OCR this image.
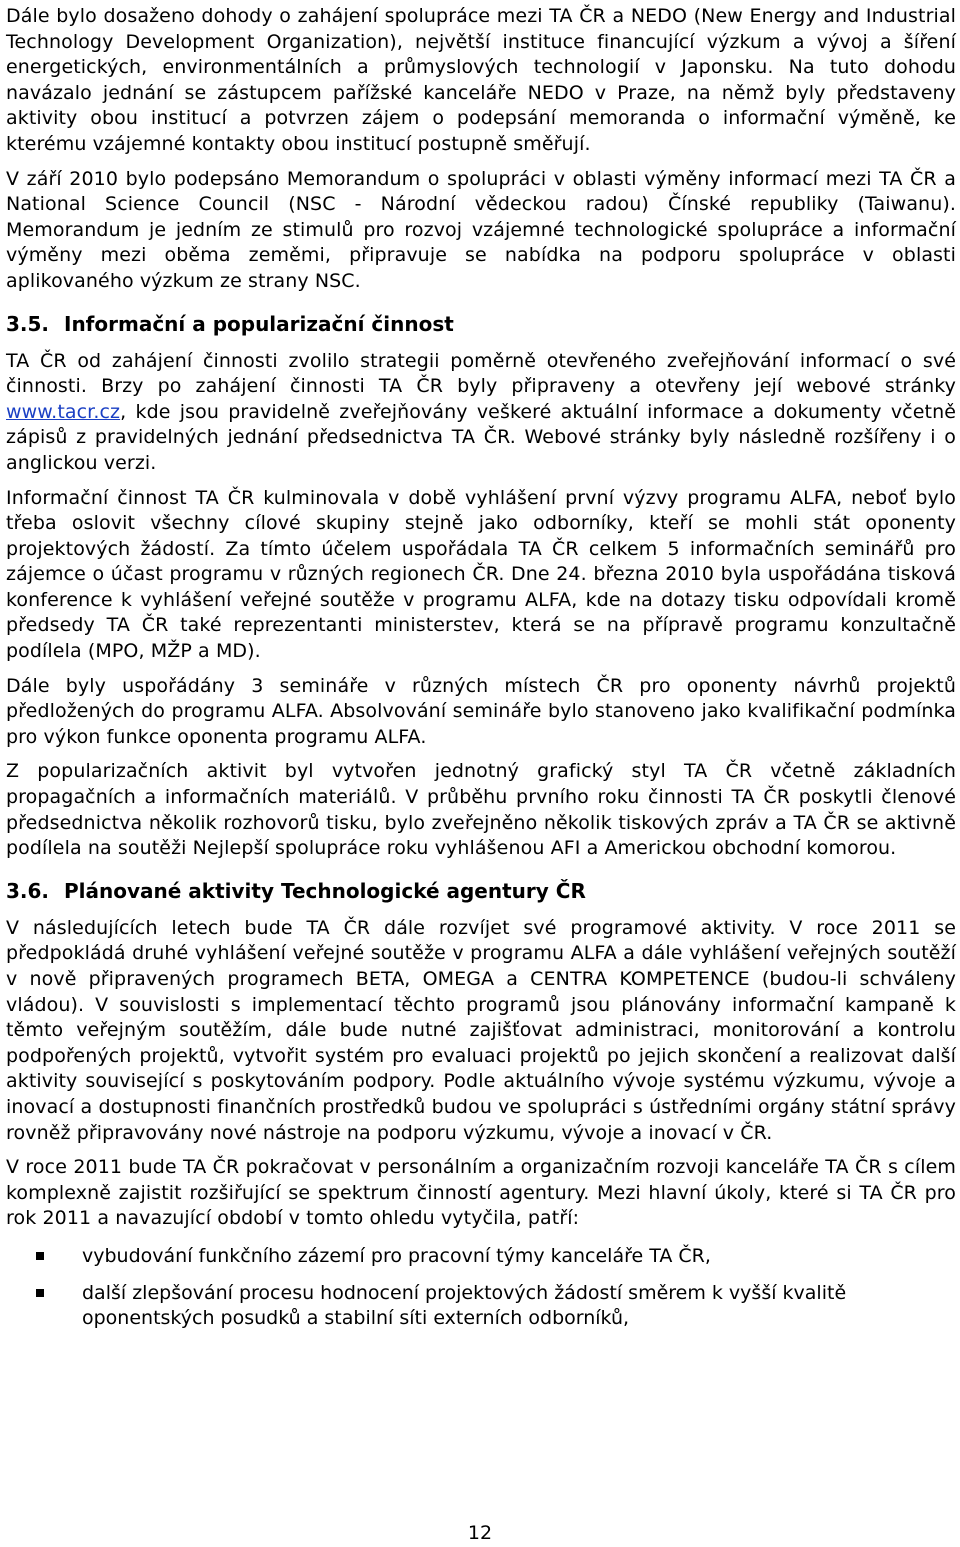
Dále bylo dosaženo dohody o zahájení spolupráce mezi TA ČR a NEDO (New Energy and Industrial Technology Development Organization), největší instituce financující výzkum a vývoj a šíření energetických, environmentálních a průmyslových technologií v Japonsku. Na tuto dohodu navázalo jednání se zástupcem pařížské kanceláře NEDO v Praze, na němž byly představeny aktivity obou institucí a potvrzen zájem o podepsání memoranda o informační výměně, ke kterému vzájemné kontakty obou institucí postupně směřují.

V září 2010 bylo podepsáno Memorandum o spolupráci v oblasti výměny informací mezi TA ČR a National Science Council (NSC - Národní vědeckou radou) Čínské republiky (Taiwanu). Memorandum je jedním ze stimulů pro rozvoj vzájemné technologické spolupráce a informační výměny mezi oběma zeměmi, připravuje se nabídka na podporu spolupráce v oblasti aplikovaného výzkum ze strany NSC.

3.5. Informační a popularizační činnost

TA ČR od zahájení činnosti zvolilo strategii poměrně otevřeného zveřejňování informací o své činnosti. Brzy po zahájení činnosti TA ČR byly připraveny a otevřeny její webové stránky www.tacr.cz, kde jsou pravidelně zveřejňovány veškeré aktuální informace a dokumenty včetně zápisů z pravidelných jednání předsednictva TA ČR. Webové stránky byly následně rozšířeny i o anglickou verzi.

Informační činnost TA ČR kulminovala v době vyhlášení první výzvy programu ALFA, neboť bylo třeba oslovit všechny cílové skupiny stejně jako odborníky, kteří se mohli stát oponenty projektových žádostí. Za tímto účelem uspořádala TA ČR celkem 5 informačních seminářů pro zájemce o účast programu v různých regionech ČR. Dne 24. března 2010 byla uspořádána tisková konference k vyhlášení veřejné soutěže v programu ALFA, kde na dotazy tisku odpovídali kromě předsedy TA ČR také reprezentanti ministerstev, která se na přípravě programu konzultačně podílela (MPO, MŽP a MD).

Dále byly uspořádány 3 semináře v různých místech ČR pro oponenty návrhů projektů předložených do programu ALFA. Absolvování semináře bylo stanoveno jako kvalifikační podmínka pro výkon funkce oponenta programu ALFA.

Z popularizačních aktivit byl vytvořen jednotný grafický styl TA ČR včetně základních propagačních a informačních materiálů. V průběhu prvního roku činnosti TA ČR poskytli členové předsednictva několik rozhovorů tisku, bylo zveřejněno několik tiskových zpráv a TA ČR se aktivně podílela na soutěži Nejlepší spolupráce roku vyhlášenou AFI a Americkou obchodní komorou.

3.6. Plánované aktivity Technologické agentury ČR

V následujících letech bude TA ČR dále rozvíjet své programové aktivity. V roce 2011 se předpokládá druhé vyhlášení veřejné soutěže v programu ALFA a dále vyhlášení veřejných soutěží v nově připravených programech BETA, OMEGA a CENTRA KOMPETENCE (budou-li schváleny vládou). V souvislosti s implementací těchto programů jsou plánovány informační kampaně k těmto veřejným soutěžím, dále bude nutné zajišťovat administraci, monitorování a kontrolu podpořených projektů, vytvořit systém pro evaluaci projektů po jejich skončení a realizovat další aktivity související s poskytováním podpory. Podle aktuálního vývoje systému výzkumu, vývoje a inovací a dostupnosti finančních prostředků budou ve spolupráci s ústředními orgány státní správy rovněž připravovány nové nástroje na podporu výzkumu, vývoje a inovací v ČR.

V roce 2011 bude TA ČR pokračovat v personálním a organizačním rozvoji kanceláře TA ČR s cílem komplexně zajistit rozšiřující se spektrum činností agentury. Mezi hlavní úkoly, které si TA ČR pro rok 2011 a navazující období v tomto ohledu vytyčila, patří:

vybudování funkčního zázemí pro pracovní týmy kanceláře TA ČR,
další zlepšování procesu hodnocení projektových žádostí směrem k vyšší kvalitě oponentských posudků a stabilní síti externích odborníků,
12
